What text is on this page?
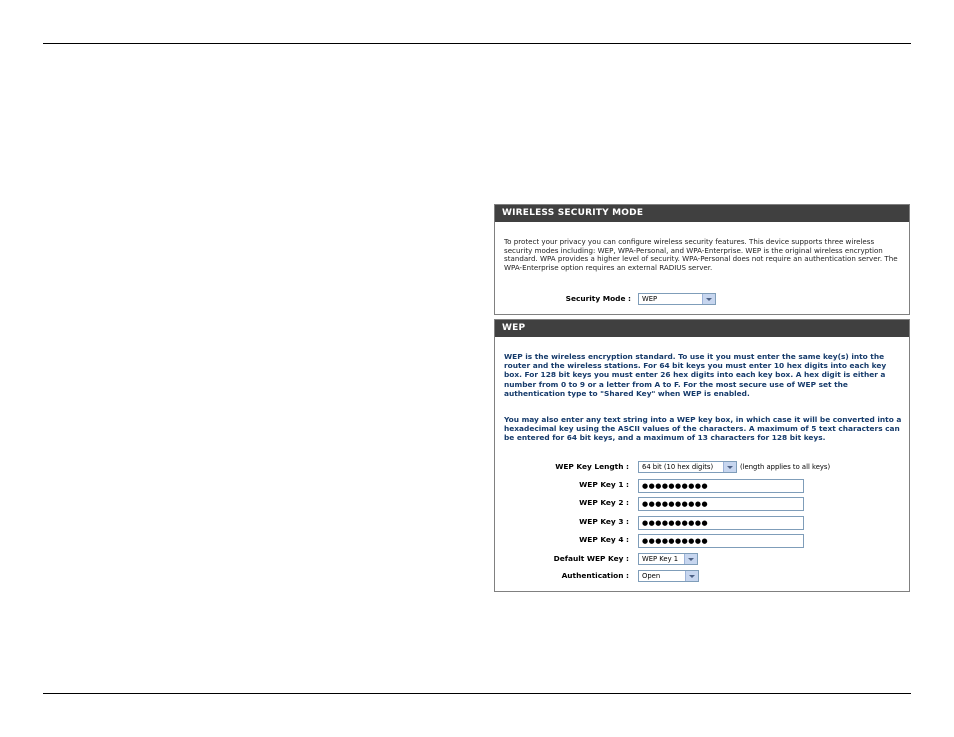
WIRELESS SECURITY MODE
To protect your privacy you can configure wireless security features. This device supports three wireless security modes including: WEP, WPA-Personal, and WPA-Enterprise. WEP is the original wireless encryption standard. WPA provides a higher level of security. WPA-Personal does not require an authentication server. The WPA-Enterprise option requires an external RADIUS server.
Security Mode :	WEP
WEP
WEP is the wireless encryption standard. To use it you must enter the same key(s) into the router and the wireless stations. For 64 bit keys you must enter 10 hex digits into each key box. For 128 bit keys you must enter 26 hex digits into each key box. A hex digit is either a number from 0 to 9 or a letter from A to F. For the most secure use of WEP set the authentication type to "Shared Key" when WEP is enabled.
You may also enter any text string into a WEP key box, in which case it will be converted into a hexadecimal key using the ASCII values of the characters. A maximum of 5 text characters can be entered for 64 bit keys, and a maximum of 13 characters for 128 bit keys.
WEP Key Length :	64 bit (10 hex digits)	(length applies to all keys)
WEP Key 1 :	●●●●●●●●●●
WEP Key 2 :	●●●●●●●●●●
WEP Key 3 :	●●●●●●●●●●
WEP Key 4 :	●●●●●●●●●●
Default WEP Key :	WEP Key 1
Authentication :	Open
